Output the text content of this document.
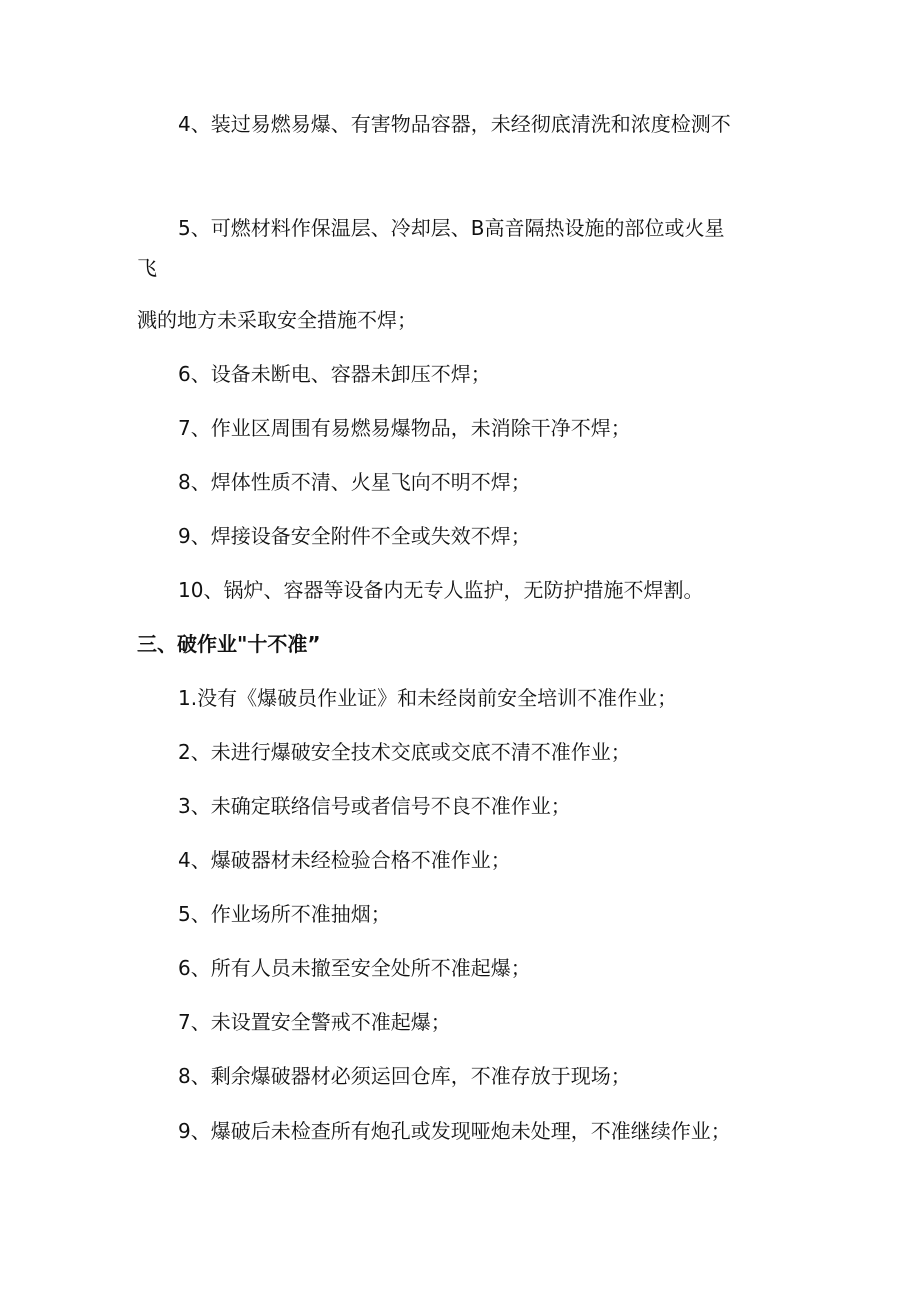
4、装过易燃易爆、有害物品容器，未经彻底清洗和浓度检测不
5、可燃材料作保温层、冷却层、B高音隔热设施的部位或火星
飞
溅的地方未采取安全措施不焊；
6、设备未断电、容器未卸压不焊；
7、作业区周围有易燃易爆物品，未消除干净不焊；
8、焊体性质不清、火星飞向不明不焊；
9、焊接设备安全附件不全或失效不焊；
10、锅炉、容器等设备内无专人监护，无防护措施不焊割。
三、破作业"十不准”
1.没有《爆破员作业证》和未经岗前安全培训不准作业；
2、未进行爆破安全技术交底或交底不清不准作业；
3、未确定联络信号或者信号不良不准作业；
4、爆破器材未经检验合格不准作业；
5、作业场所不准抽烟；
6、所有人员未撤至安全处所不准起爆；
7、未设置安全警戒不准起爆；
8、剩余爆破器材必须运回仓库，不准存放于现场；
9、爆破后未检查所有炮孔或发现哑炮未处理，不准继续作业；
